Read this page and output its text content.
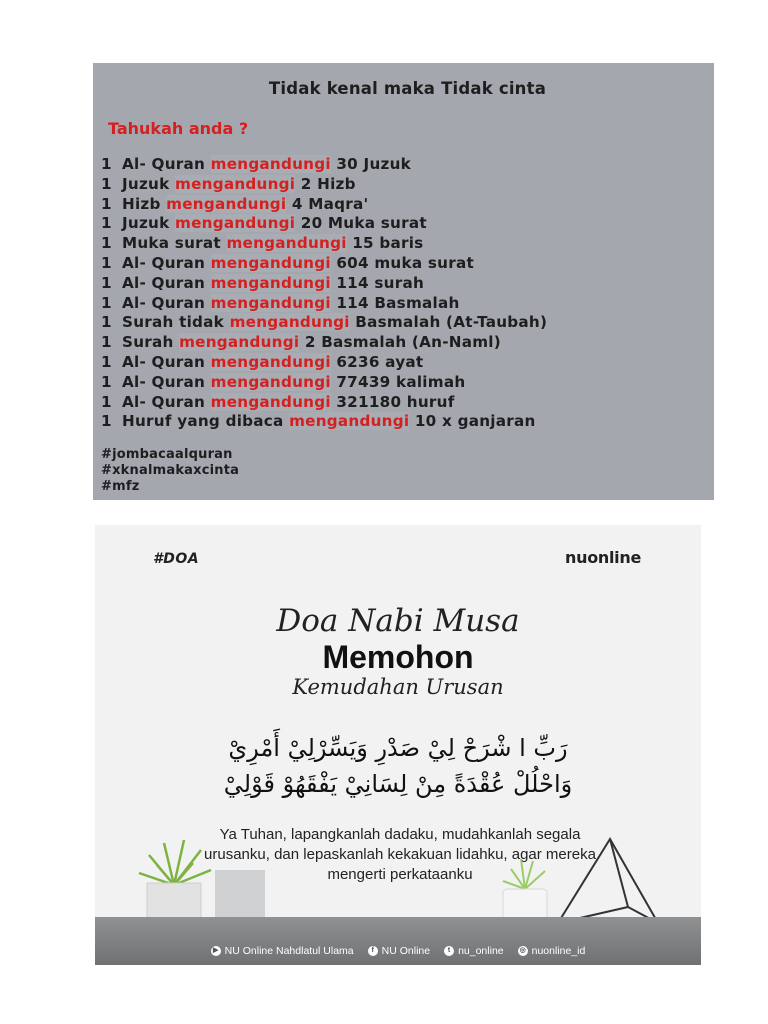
Tidak kenal maka Tidak cinta
Tahukah anda ?
1 Al- Quran mengandungi 30 Juzuk
1 Juzuk mengandungi 2 Hizb
1 Hizb mengandungi 4 Maqra'
1 Juzuk mengandungi 20 Muka surat
1 Muka surat mengandungi 15 baris
1 Al- Quran mengandungi 604 muka surat
1 Al- Quran mengandungi 114 surah
1 Al- Quran mengandungi 114 Basmalah
1 Surah tidak mengandungi Basmalah (At-Taubah)
1 Surah mengandungi 2 Basmalah (An-Naml)
1 Al- Quran mengandungi 6236 ayat
1 Al- Quran mengandungi 77439 kalimah
1 Al- Quran mengandungi 321180 huruf
1 Huruf yang dibaca mengandungi 10 x ganjaran
#jombacaalquran
#xknalmakaxcinta
#mfz
#DOA	nuonline
Doa Nabi Musa
Memohon
Kemudahan Urusan
رَبِّ ا شْرَحْ لِيْ صَدْرِ وَيَسِّرْلِيْ أَمْرِيْ
وَاحْلُلْ عُقْدَةً مِنْ لِسَانِيْ يَفْقَهُوْ قَوْلِيْ
Ya Tuhan, lapangkanlah dadaku, mudahkanlah segala urusanku, dan lepaskanlah kekakuan lidahku, agar mereka mengerti perkataanku
▶ NU Online Nahdlatul Ulama	f NU Online	t nu_online ◎ nuonline_id
